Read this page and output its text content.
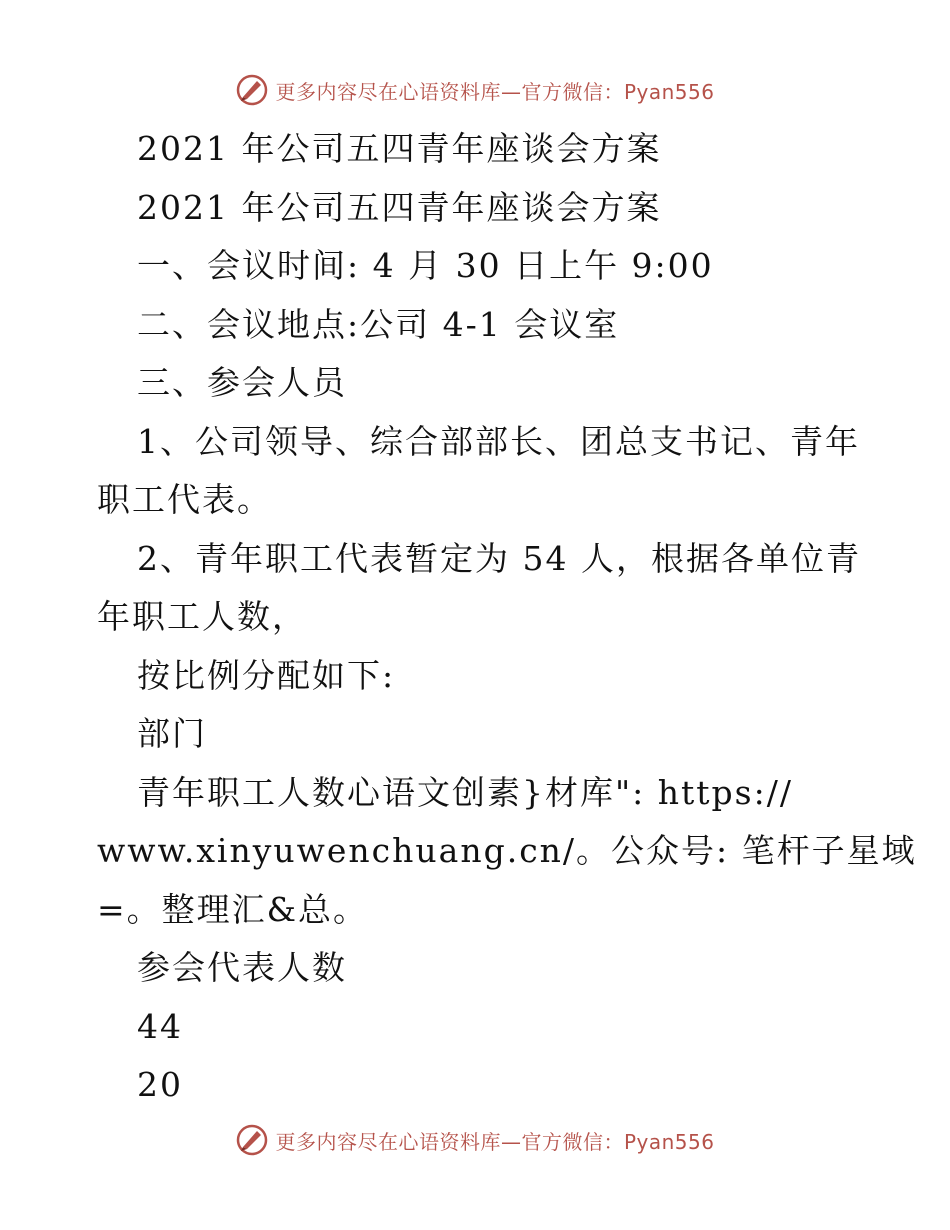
更多内容尽在心语资料库—官方微信：Pyan556
2021 年公司五四青年座谈会方案
2021 年公司五四青年座谈会方案
一、会议时间: 4 月 30 日上午 9:00
二、会议地点:公司 4-1 会议室
三、参会人员
1、公司领导、综合部部长、团总支书记、青年
职工代表。
2、青年职工代表暂定为 54 人，根据各单位青
年职工人数，
按比例分配如下:
部门
青年职工人数心语文创素}材库": https://
www.xinyuwenchuang.cn/。公众号: 笔杆子星域
=。整理汇&总。
参会代表人数
44
20
更多内容尽在心语资料库—官方微信：Pyan556
